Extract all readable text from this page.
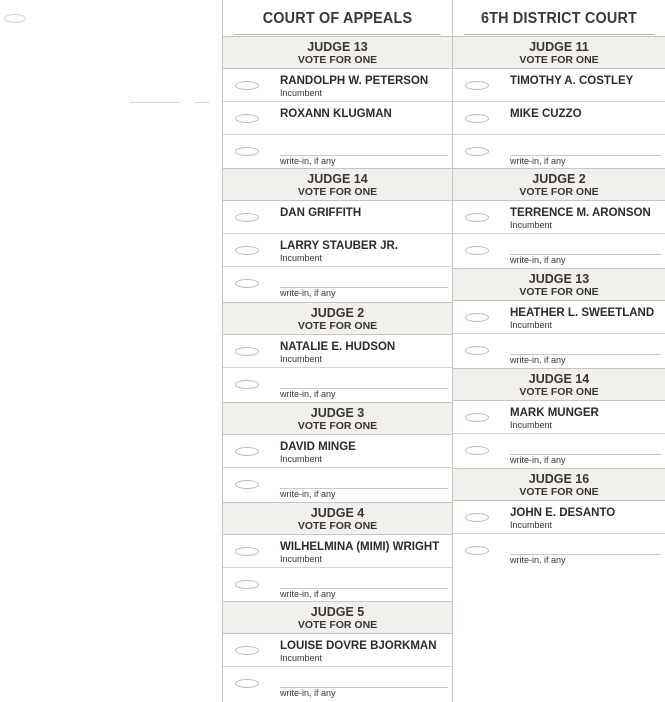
COURT OF APPEALS
JUDGE 13
VOTE FOR ONE
RANDOLPH W. PETERSON
Incumbent
ROXANN KLUGMAN
write-in, if any
JUDGE 14
VOTE FOR ONE
DAN GRIFFITH
LARRY STAUBER JR.
Incumbent
write-in, if any
JUDGE 2
VOTE FOR ONE
NATALIE E. HUDSON
Incumbent
write-in, if any
JUDGE 3
VOTE FOR ONE
DAVID MINGE
Incumbent
write-in, if any
JUDGE 4
VOTE FOR ONE
WILHELMINA (MIMI) WRIGHT
Incumbent
write-in, if any
JUDGE 5
VOTE FOR ONE
LOUISE DOVRE BJORKMAN
Incumbent
write-in, if any
6TH DISTRICT COURT
JUDGE 11
VOTE FOR ONE
TIMOTHY A. COSTLEY
MIKE CUZZO
write-in, if any
JUDGE 2
VOTE FOR ONE
TERRENCE M. ARONSON
Incumbent
write-in, if any
JUDGE 13
VOTE FOR ONE
HEATHER L. SWEETLAND
Incumbent
write-in, if any
JUDGE 14
VOTE FOR ONE
MARK MUNGER
Incumbent
write-in, if any
JUDGE 16
VOTE FOR ONE
JOHN E. DESANTO
Incumbent
write-in, if any
